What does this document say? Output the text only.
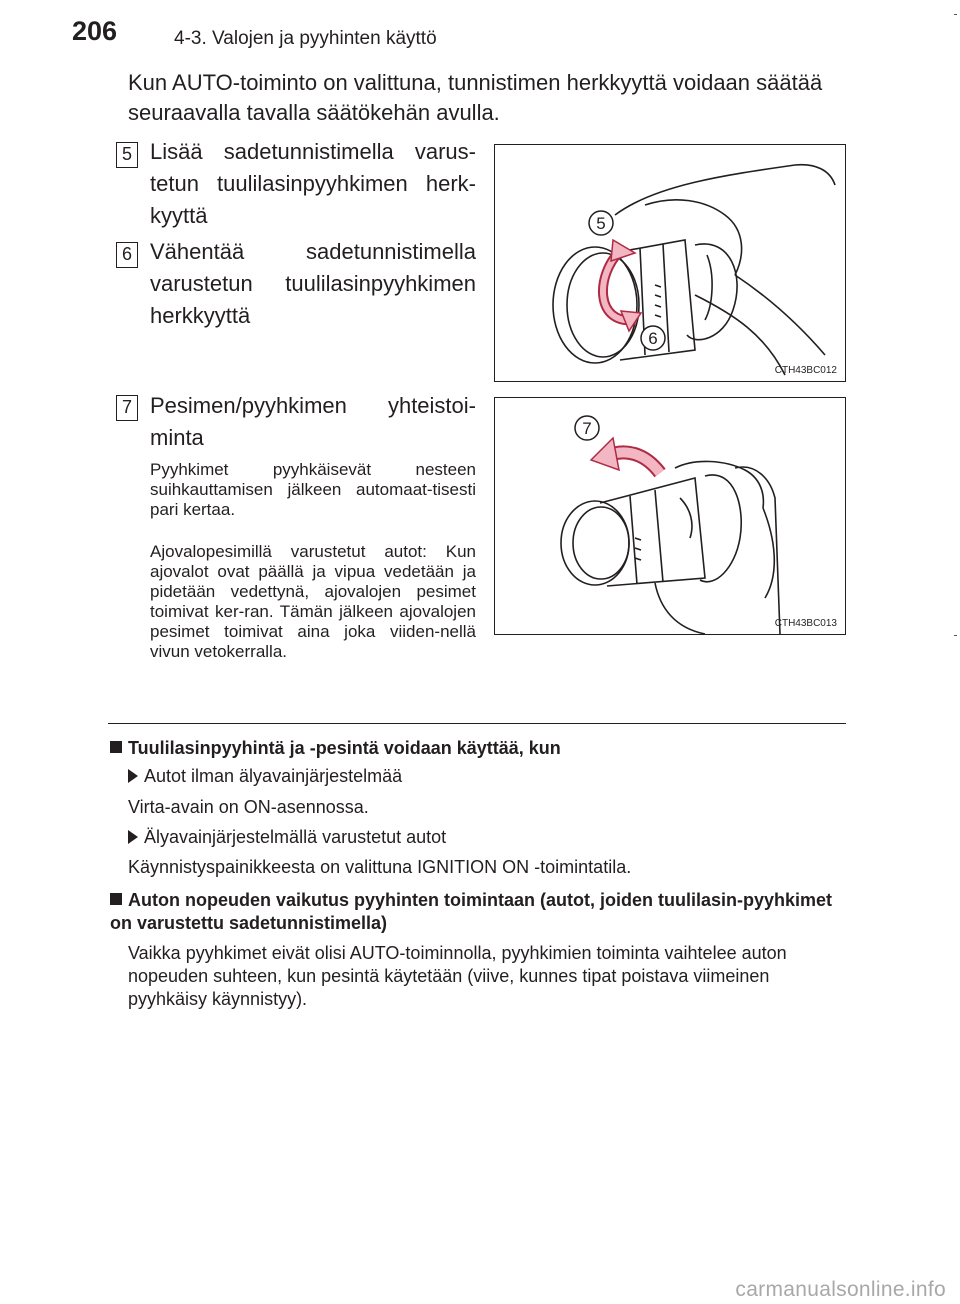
206	4-3. Valojen ja pyyhinten käyttö

Kun AUTO-toiminto on valittuna, tunnistimen herkkyyttä voidaan säätää seuraavalla tavalla säätökehän avulla.

5 Lisää sadetunnistimella varus-tetun tuulilasinpyyhkimen herk-kyyttä

6 Vähentää sadetunnistimella varustetun tuulilasinpyyhkimen herkkyyttä

7 Pesimen/pyyhkimen yhteistoi-minta

Pyyhkimet pyyhkäisevät nesteen suihkauttamisen jälkeen automaat-tisesti pari kertaa.

Ajovalopesimillä varustetut autot: Kun ajovalot ovat päällä ja vipua vedetään ja pidetään vedettynä, ajovalojen pesimet toimivat ker-ran. Tämän jälkeen ajovalojen pesimet toimivat aina joka viiden-nellä vivun vetokerralla.

5
6
CTH43BC012
7
CTH43BC013

Tuulilasinpyyhintä ja -pesintä voidaan käyttää, kun

Autot ilman älyavainjärjestelmää

Virta-avain on ON-asennossa.

Älyavainjärjestelmällä varustetut autot

Käynnistyspainikkeesta on valittuna IGNITION ON -toimintatila.

Auton nopeuden vaikutus pyyhinten toimintaan (autot, joiden tuulilasin-pyyhkimet on varustettu sadetunnistimella)

Vaikka pyyhkimet eivät olisi AUTO-toiminnolla, pyyhkimien toiminta vaihtelee auton nopeuden suhteen, kun pesintä käytetään (viive, kunnes tipat poistava viimeinen pyyhkäisy käynnistyy).

carmanualsonline.info
